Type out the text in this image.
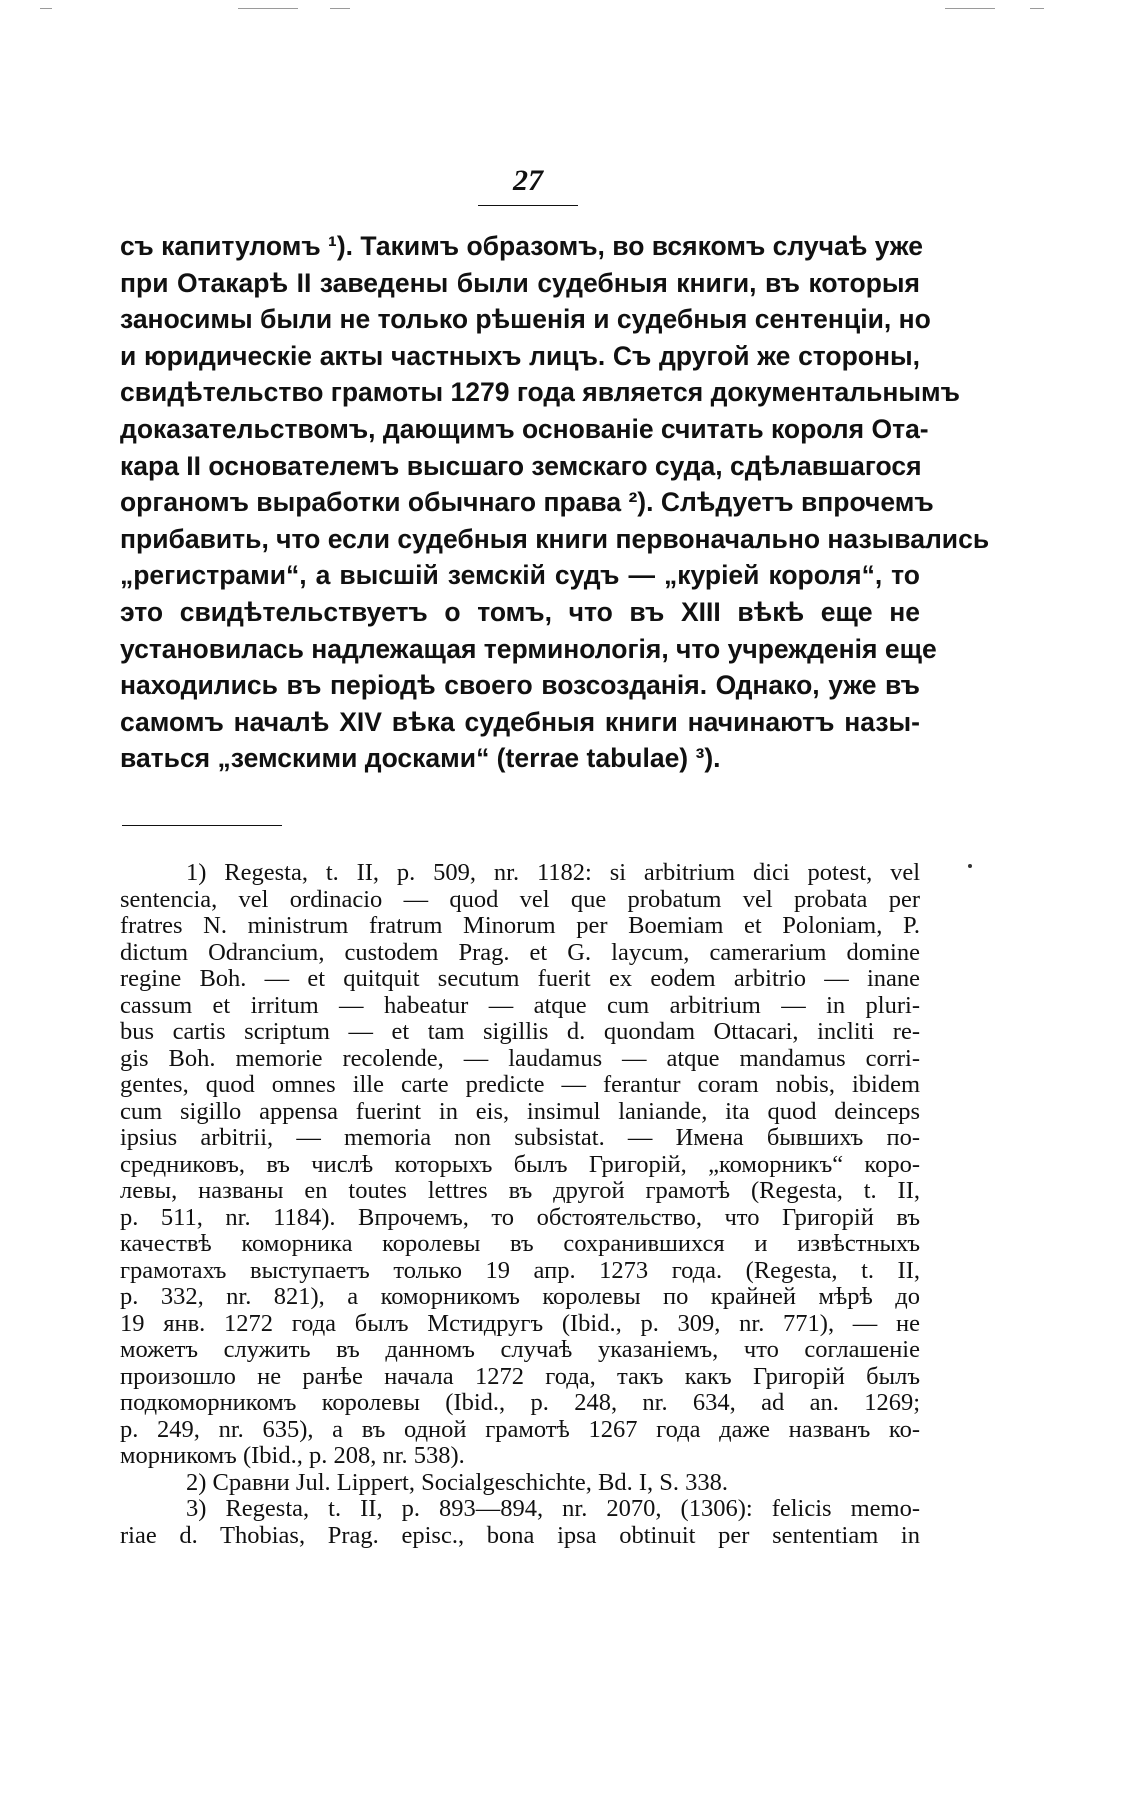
27
съ капитуломъ ¹). Такимъ образомъ, во всякомъ случаѣ уже
при Отакарѣ II заведены были судебныя книги, въ которыя
заносимы были не только рѣшенія и судебныя сентенціи, но
и юридическіе акты частныхъ лицъ. Съ другой же стороны,
свидѣтельство грамоты 1279 года является документальнымъ
доказательствомъ, дающимъ основаніе считать короля Ота-
кара II основателемъ высшаго земскаго суда, сдѣлавшагося
органомъ выработки обычнаго права ²). Слѣдуетъ впрочемъ
прибавить, что если судебныя книги первоначально назывались
„регистрами“, а высшій земскій судъ — „куріей короля“, то
это свидѣтельствуетъ о томъ, что въ XIII вѣкѣ еще не
установилась надлежащая терминологія, что учрежденія еще
находились въ періодѣ своего возсозданія. Однако, уже въ
самомъ началѣ XIV вѣка судебныя книги начинаютъ назы-
ваться „земскими досками“ (terrae tabulae) ³).
1) Regesta, t. II, p. 509, nr. 1182: si arbitrium dici potest, vel
sentencia, vel ordinacio — quod vel que probatum vel probata per
fratres N. ministrum fratrum Minorum per Boemiam et Poloniam, P.
dictum Odrancium, custodem Prag. et G. laycum, camerarium domine
regine Boh. — et quitquit secutum fuerit ex eodem arbitrio — inane
cassum et irritum — habeatur — atque cum arbitrium — in pluri-
bus cartis scriptum — et tam sigillis d. quondam Ottacari, incliti re-
gis Boh. memorie recolende, — laudamus — atque mandamus corri-
gentes, quod omnes ille carte predicte — ferantur coram nobis, ibidem
cum sigillo appensa fuerint in eis, insimul laniande, ita quod deinceps
ipsius arbitrii, — memoria non subsistat. — Имена бывшихъ по-
средниковъ, въ числѣ которыхъ былъ Григорій, „коморникъ“ коро-
левы, названы en toutes lettres въ другой грамотѣ (Regesta, t. II,
p. 511, nr. 1184). Впрочемъ, то обстоятельство, что Григорій въ
качествѣ коморника королевы въ сохранившихся и извѣстныхъ
грамотахъ выступаетъ только 19 апр. 1273 года. (Regesta, t. II,
p. 332, nr. 821), а коморникомъ королевы по крайней мѣрѣ до
19 янв. 1272 года былъ Мстидругъ (Ibid., p. 309, nr. 771), — не
можетъ служить въ данномъ случаѣ указаніемъ, что соглашеніе
произошло не ранѣе начала 1272 года, такъ какъ Григорій былъ
подкоморникомъ королевы (Ibid., p. 248, nr. 634, ad an. 1269;
p. 249, nr. 635), а въ одной грамотѣ 1267 года даже названъ ко-
морникомъ (Ibid., p. 208, nr. 538).
2) Сравни Jul. Lippert, Socialgeschichte, Bd. I, S. 338.
3) Regesta, t. II, p. 893—894, nr. 2070, (1306): felicis memo-
riae d. Thobias, Prag. episc., bona ipsa obtinuit per sententiam in
